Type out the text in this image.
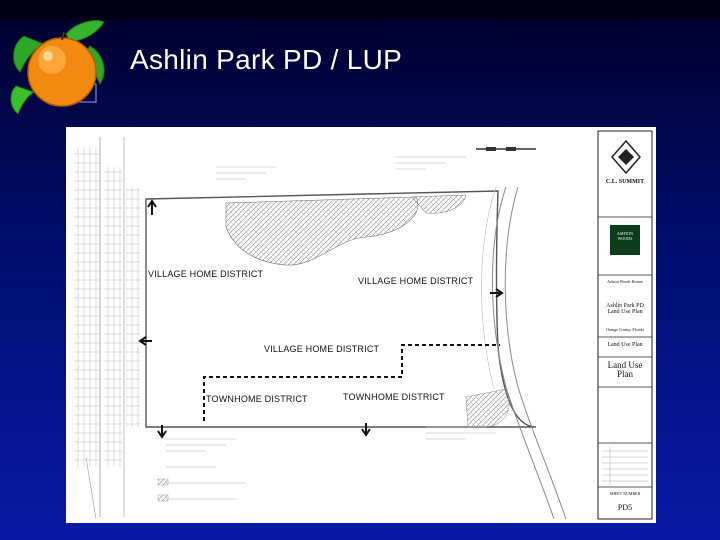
Ashlin Park PD / LUP
VILLAGE HOME DISTRICT
VILLAGE HOME DISTRICT
VILLAGE HOME DISTRICT
TOWNHOME DISTRICT	TOWNHOME DISTRICT
C.L. SUMMIT
ASHTON WOODS
Ashton Woods Homes
Ashlin Park PD Land Use Plan
Orange County, Florida
Land Use Plan
Land Use Plan
SHEET NUMBER
PD5
